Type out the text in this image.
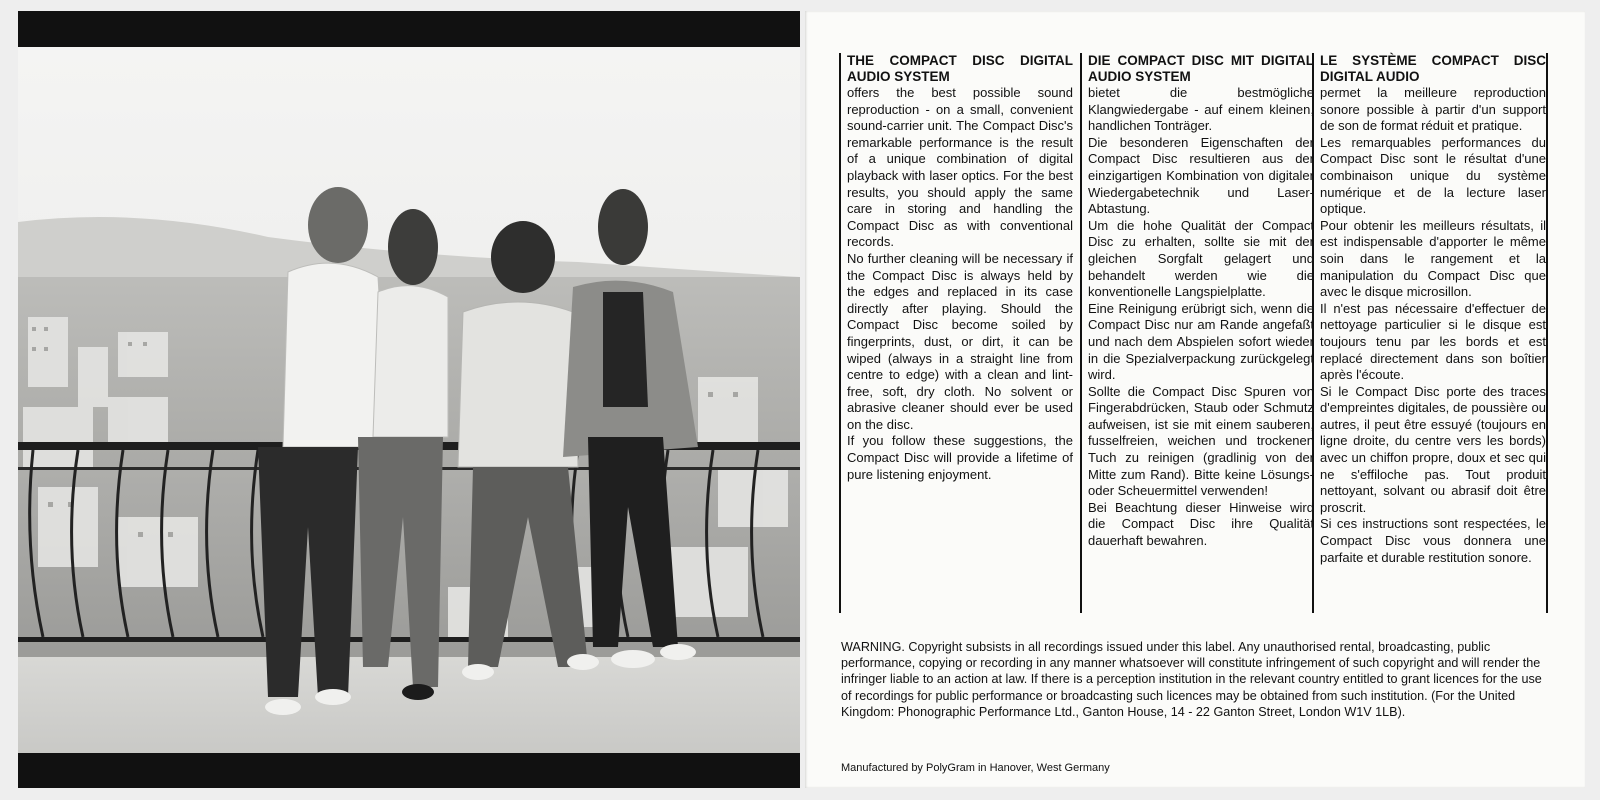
THE COMPACT DISC DIGITAL AUDIO SYSTEM

offers the best possible sound reproduction - on a small, convenient sound-carrier unit. The Compact Disc's remarkable performance is the result of a unique combination of digital playback with laser optics. For the best results, you should apply the same care in storing and handling the Compact Disc as with conventional records.

No further cleaning will be necessary if the Compact Disc is always held by the edges and replaced in its case directly after playing. Should the Compact Disc become soiled by fingerprints, dust, or dirt, it can be wiped (always in a straight line from centre to edge) with a clean and lint-free, soft, dry cloth. No solvent or abrasive cleaner should ever be used on the disc.

If you follow these suggestions, the Compact Disc will provide a lifetime of pure listening enjoyment.

DIE COMPACT DISC MIT DIGITAL AUDIO SYSTEM

bietet die bestmögliche Klangwiedergabe - auf einem kleinen, handlichen Tonträger.

Die besonderen Eigenschaften der Compact Disc resultieren aus der einzigartigen Kombination von digitaler Wiedergabetechnik und Laser-Abtastung.

Um die hohe Qualität der Compact Disc zu erhalten, sollte sie mit der gleichen Sorgfalt gelagert und behandelt werden wie die konventionelle Langspielplatte.

Eine Reinigung erübrigt sich, wenn die Compact Disc nur am Rande angefaßt und nach dem Abspielen sofort wieder in die Spezialverpackung zurückgelegt wird.

Sollte die Compact Disc Spuren von Fingerabdrücken, Staub oder Schmutz aufweisen, ist sie mit einem sauberen, fusselfreien, weichen und trockenen Tuch zu reinigen (gradlinig von der Mitte zum Rand). Bitte keine Lösungs- oder Scheuermittel verwenden!

Bei Beachtung dieser Hinweise wird die Compact Disc ihre Qualität dauerhaft bewahren.

LE SYSTÈME COMPACT DISC DIGITAL AUDIO

permet la meilleure reproduction sonore possible à partir d'un support de son de format réduit et pratique.

Les remarquables performances du Compact Disc sont le résultat d'une combinaison unique du système numérique et de la lecture laser optique.

Pour obtenir les meilleurs résultats, il est indispensable d'apporter le même soin dans le rangement et la manipulation du Compact Disc que avec le disque microsillon.

Il n'est pas nécessaire d'effectuer de nettoyage particulier si le disque est toujours tenu par les bords et est replacé directement dans son boîtier après l'écoute.

Si le Compact Disc porte des traces d'empreintes digitales, de poussière ou autres, il peut être essuyé (toujours en ligne droite, du centre vers les bords) avec un chiffon propre, doux et sec qui ne s'effiloche pas. Tout produit nettoyant, solvant ou abrasif doit être proscrit.

Si ces instructions sont respectées, le Compact Disc vous donnera une parfaite et durable restitution sonore.

WARNING. Copyright subsists in all recordings issued under this label. Any unauthorised rental, broadcasting, public performance, copying or recording in any manner whatsoever will constitute infringement of such copyright and will render the infringer liable to an action at law. If there is a perception institution in the relevant country entitled to grant licences for the use of recordings for public performance or broadcasting such licences may be obtained from such institution. (For the United Kingdom: Phonographic Performance Ltd., Ganton House, 14 - 22 Ganton Street, London W1V 1LB).
Manufactured by PolyGram in Hanover, West Germany
